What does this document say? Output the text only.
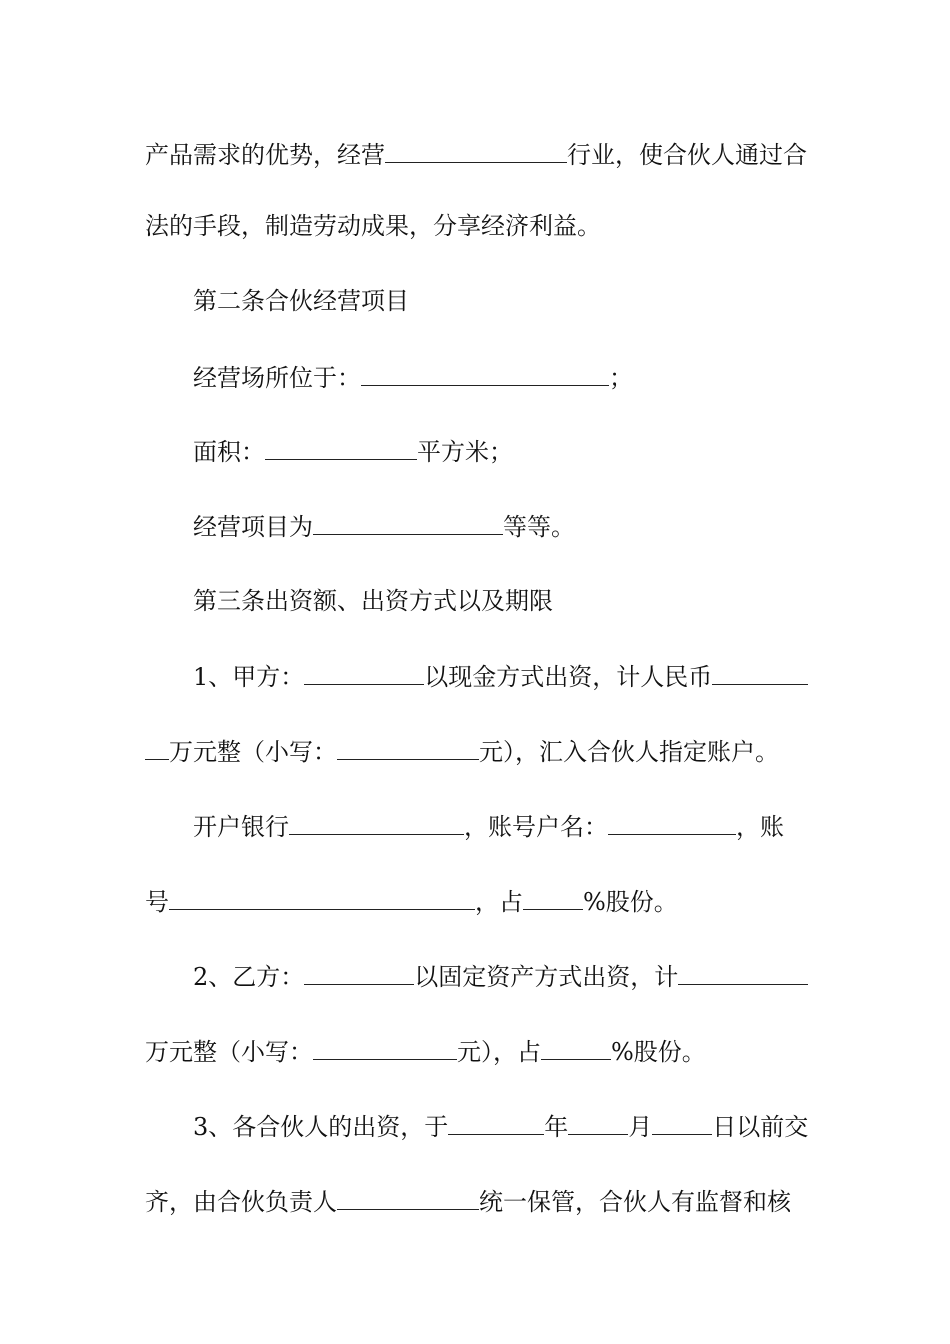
产品需求的优势，经营	行业，使合伙人通过合

法的手段，制造劳动成果，分享经济利益。

第二条合伙经营项目

经营场所位于：	；

面积：	平方米；

经营项目为	等等。

第三条出资额、出资方式以及期限

1、甲方：	以现金方式出资，计人民币

万元整（小写：	元），汇入合伙人指定账户。

开户银行	，账号户名：	，账

号	，占	%股份。

2、乙方：	以固定资产方式出资，计

万元整（小写：	元），占	%股份。

3、各合伙人的出资，于	年	月	日以前交

齐，由合伙负责人	统一保管，合伙人有监督和核
